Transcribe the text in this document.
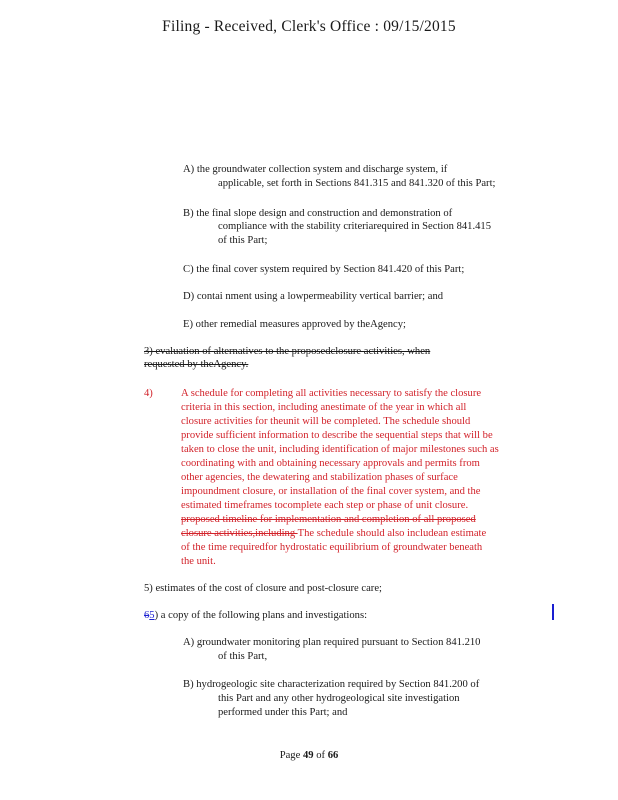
Filing - Received, Clerk's Office : 09/15/2015
A) the groundwater collection system and discharge system, if
applicable, set forth in Sections 841.315 and 841.320 of this Part;
B) the final slope design and construction and demonstration of
compliance with the stability criteriarequired in Section 841.415
of this Part;
C) the final cover system required by Section 841.420 of this Part;
D) contai nment using a lowpermeability vertical barrier; and
E) other remedial measures approved by theAgency;
3) evaluation of alternatives to the proposedclosure activities, when
requested by theAgency.
4)	A schedule for completing all activities necessary to satisfy the closure
criteria in this section, including anestimate of the year in which all
closure activities for theunit will be completed. The schedule should
provide sufficient information to describe the sequential steps that will be
taken to close the unit, including identification of major milestones such as
coordinating with and obtaining necessary approvals and permits from
other agencies, the dewatering and stabilization phases of surface
impoundment closure, or installation of the final cover system, and the
estimated timeframes tocomplete each step or phase of unit closure.
proposed timeline for implementation and completion of all proposed
closure activities,including The schedule should also includean estimate
of the time requiredfor hydrostatic equilibrium of groundwater beneath
the unit.
5) estimates of the cost of closure and post-closure care;
65) a copy of the following plans and investigations:
A) groundwater monitoring plan required pursuant to Section 841.210
of this Part,
B) hydrogeologic site characterization required by Section 841.200 of
this Part and any other hydrogeological site investigation
performed under this Part; and
Page 49 of 66
